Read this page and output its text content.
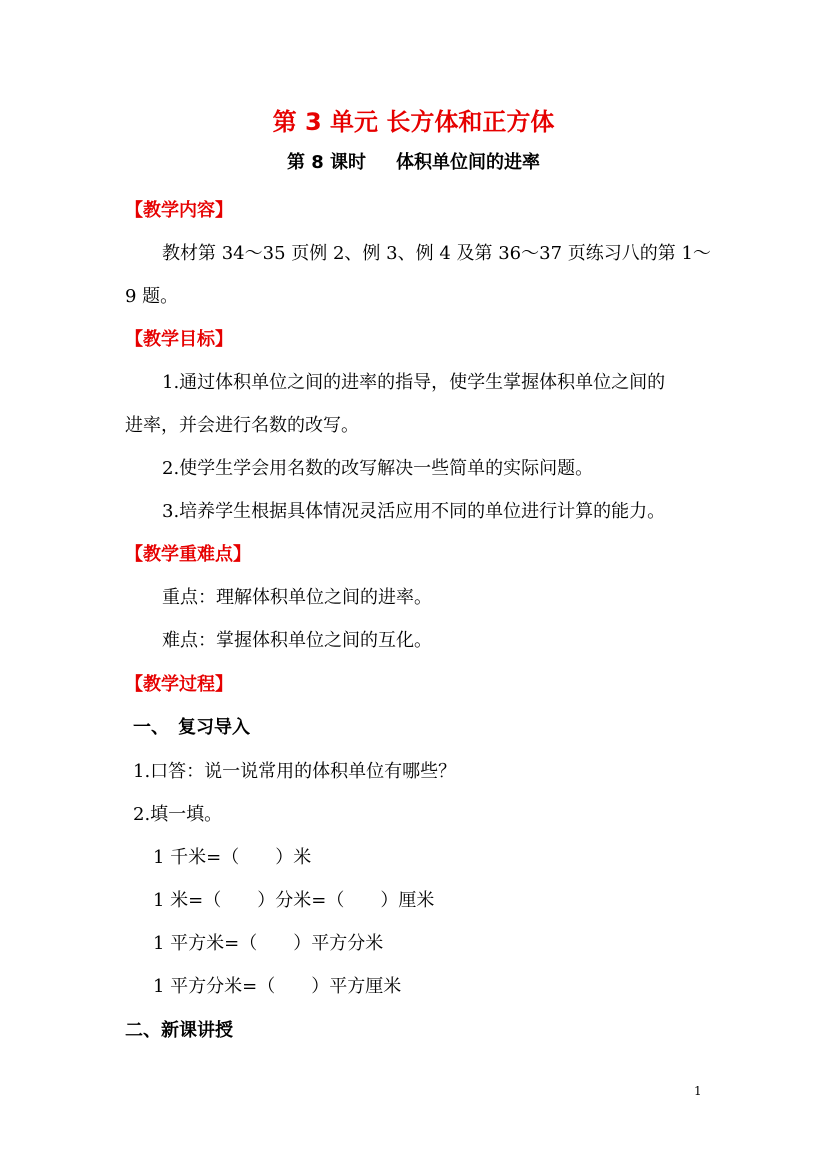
第 3 单元 长方体和正方体
第 8 课时 体积单位间的进率
【教学内容】
教材第 34～35 页例 2、例 3、例 4 及第 36～37 页练习八的第 1～
9 题。
【教学目标】
1.通过体积单位之间的进率的指导，使学生掌握体积单位之间的
进率，并会进行名数的改写。
2.使学生学会用名数的改写解决一些简单的实际问题。
3.培养学生根据具体情况灵活应用不同的单位进行计算的能力。
【教学重难点】
重点：理解体积单位之间的进率。
难点：掌握体积单位之间的互化。
【教学过程】
一、　复习导入
1.口答：说一说常用的体积单位有哪些？
2.填一填。
1 千米=（　　）米
1 米=（　　）分米=（　　）厘米
1 平方米=（　　）平方分米
1 平方分米=（　　）平方厘米
二、新课讲授
1
